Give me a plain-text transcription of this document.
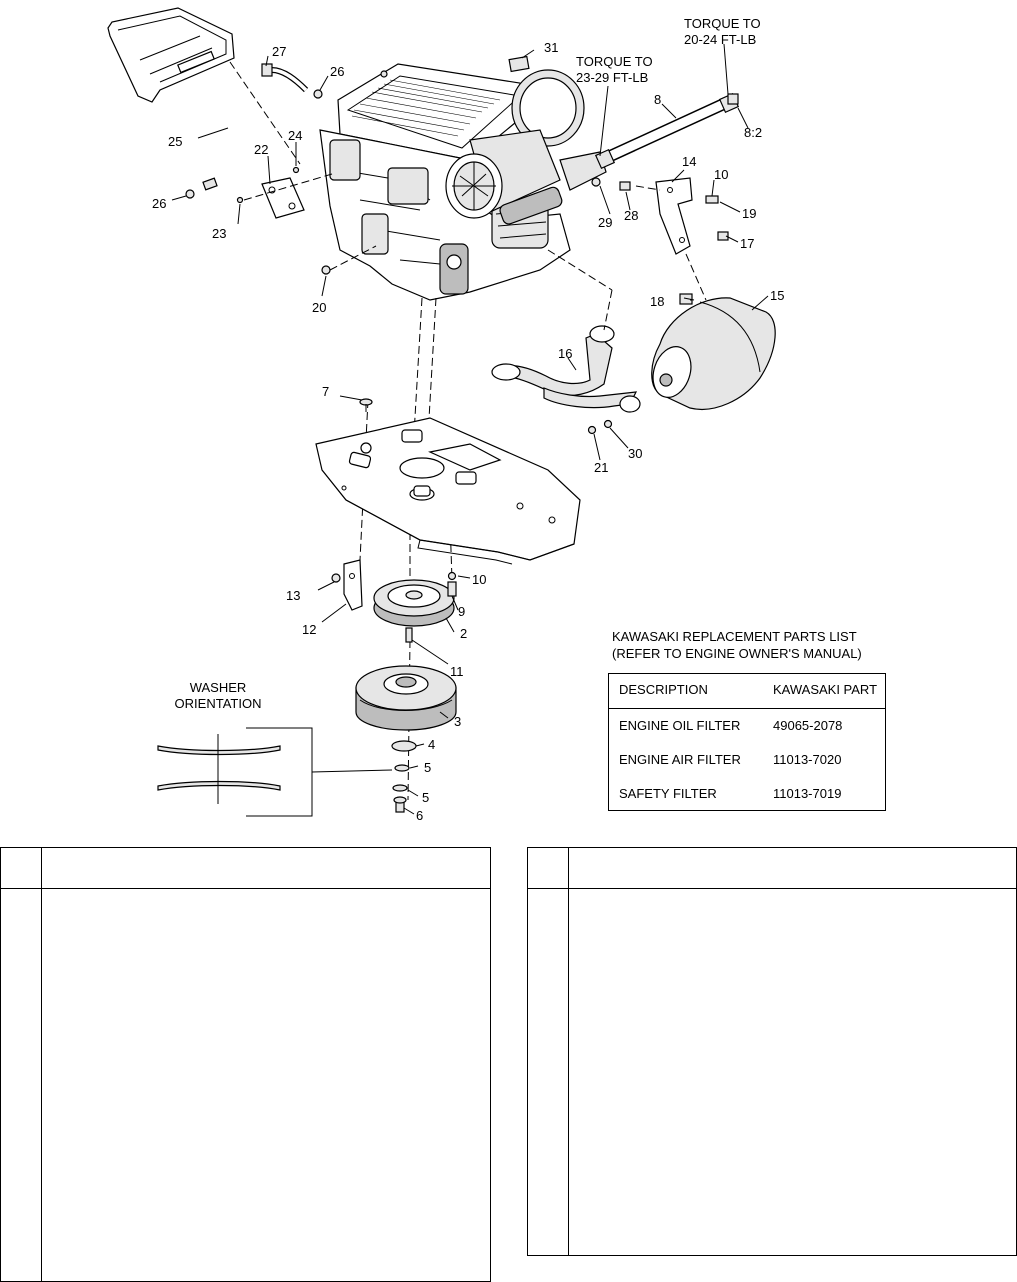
2
3
4
5
5
6
7
8
8:2
9
10
10
11
12
13
14
15
16
17
18
19
20
21
22
23
24
25
26
26
27
28
29
30
31
TORQUE TO
20-24 FT-LB
TORQUE TO
23-29 FT-LB
WASHER
ORIENTATION
KAWASAKI REPLACEMENT PARTS LIST
(REFER TO ENGINE OWNER'S MANUAL)
DESCRIPTION	KAWASAKI PART
ENGINE OIL FILTER	49065-2078
ENGINE AIR FILTER 11013-7020
SAFETY FILTER	11013-7019
